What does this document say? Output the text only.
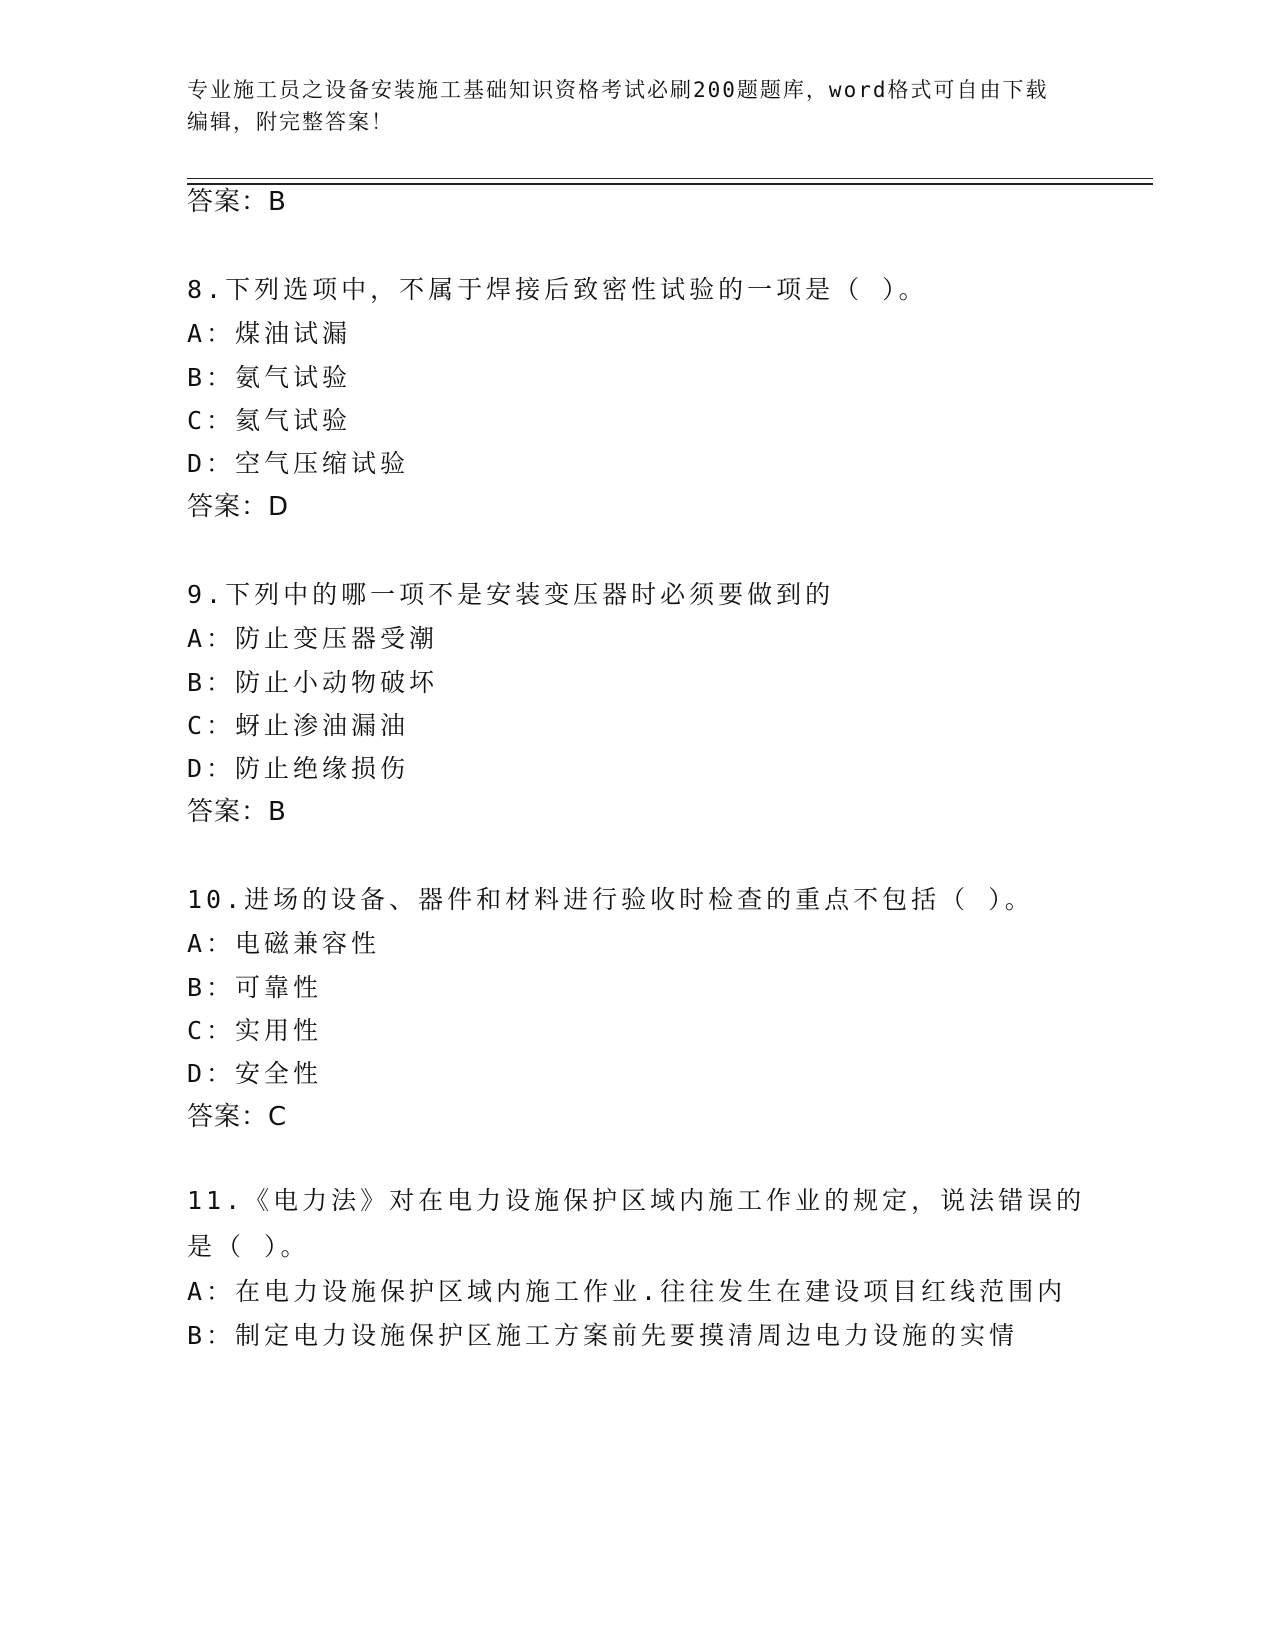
专业施工员之设备安装施工基础知识资格考试必刷200题题库，word格式可自由下载编辑，附完整答案！
答案：B
8.下列选项中，不属于焊接后致密性试验的一项是（ ）。
A：煤油试漏
B：氨气试验
C：氦气试验
D：空气压缩试验
答案：D
9.下列中的哪一项不是安装变压器时必须要做到的
A：防止变压器受潮
B：防止小动物破坏
C：蚜止渗油漏油
D：防止绝缘损伤
答案：B
10.进场的设备、器件和材料进行验收时检查的重点不包括（ ）。
A：电磁兼容性
B：可靠性
C：实用性
D：安全性
答案：C
11.《电力法》对在电力设施保护区域内施工作业的规定，说法错误的是（ ）。
A：在电力设施保护区域内施工作业.往往发生在建设项目红线范围内
B：制定电力设施保护区施工方案前先要摸清周边电力设施的实情
